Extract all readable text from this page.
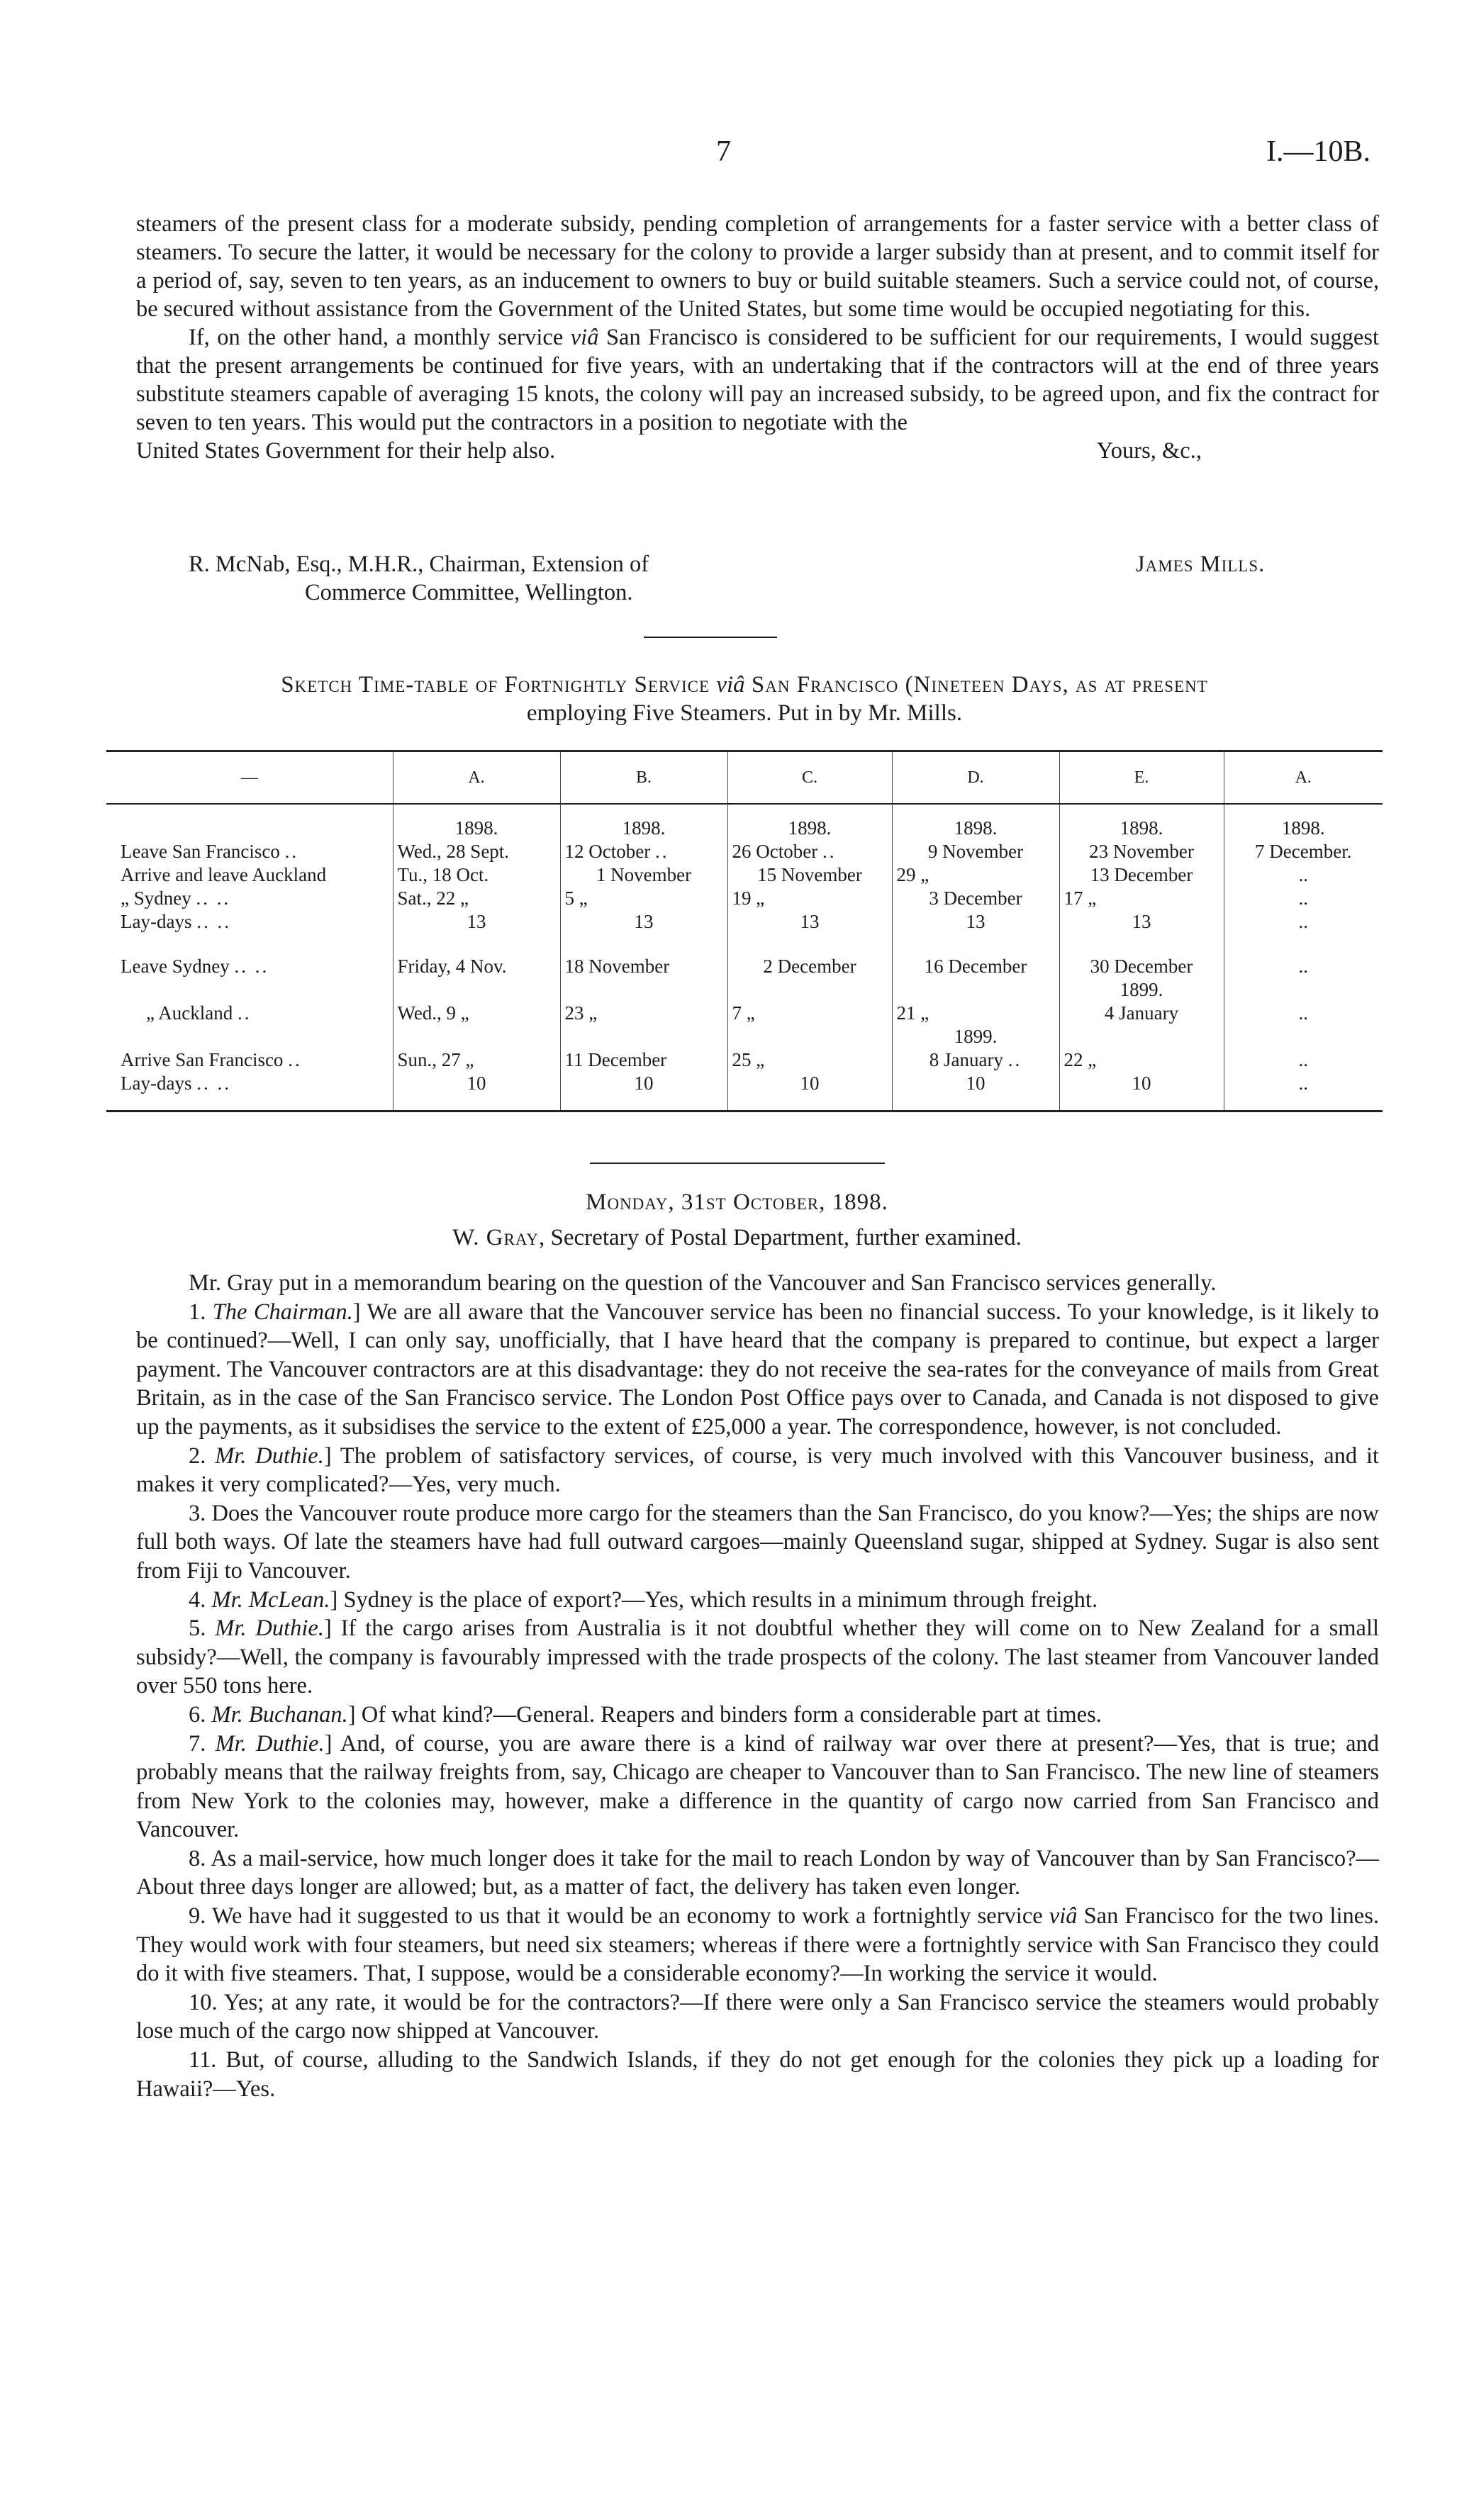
7	I.—10B.

steamers of the present class for a moderate subsidy, pending completion of arrangements for a faster service with a better class of steamers. To secure the latter, it would be necessary for the colony to provide a larger subsidy than at present, and to commit itself for a period of, say, seven to ten years, as an inducement to owners to buy or build suitable steamers. Such a service could not, of course, be secured without assistance from the Government of the United States, but some time would be occupied negotiating for this.

If, on the other hand, a monthly service viâ San Francisco is considered to be sufficient for our requirements, I would suggest that the present arrangements be continued for five years, with an undertaking that if the contractors will at the end of three years substitute steamers capable of averaging 15 knots, the colony will pay an increased subsidy, to be agreed upon, and fix the contract for seven to ten years. This would put the contractors in a position to negotiate with the

United States Government for their help also.	Yours, &c.,
R. McNab, Esq., M.H.R., Chairman, Extension of	James Mills.
Commerce Committee, Wellington.
Sketch Time-table of Fortnightly Service viâ San Francisco (Nineteen Days, as at present
employing Five Steamers. Put in by Mr. Mills.
—	A.	B.	C.	D.	E.	A.

	1898.	1898.	1898.	1898.	1898.	1898.
Leave San Francisco ..	Wed., 28 Sept.	12 October ..	26 October ..	9 November	23 November	7 December.
Arrive and leave Auckland	Tu., 18 Oct.	1 November	15 November	29 „	13 December	..
„ Sydney .. ..	Sat., 22 „	5 „	19 „	3 December	17 „	..
Lay-days .. ..	13	13	13	13	13	..

Leave Sydney .. ..	Friday, 4 Nov.	18 November	2 December	16 December	30 December	..
					1899.	
„ Auckland ..	Wed., 9 „	23 „	7 „	21 „	4 January	..
				1899.		
Arrive San Francisco ..	Sun., 27 „	11 December	25 „	8 January ..	22 „	..
Lay-days .. ..	10	10	10	10	10	..

Monday, 31st October, 1898.
W. Gray, Secretary of Postal Department, further examined.

Mr. Gray put in a memorandum bearing on the question of the Vancouver and San Francisco services generally.

1. The Chairman.] We are all aware that the Vancouver service has been no financial success. To your knowledge, is it likely to be continued?—Well, I can only say, unofficially, that I have heard that the company is prepared to continue, but expect a larger payment. The Vancouver contractors are at this disadvantage: they do not receive the sea-rates for the conveyance of mails from Great Britain, as in the case of the San Francisco service. The London Post Office pays over to Canada, and Canada is not disposed to give up the payments, as it subsidises the service to the extent of £25,000 a year. The correspondence, however, is not concluded.

2. Mr. Duthie.] The problem of satisfactory services, of course, is very much involved with this Vancouver business, and it makes it very complicated?—Yes, very much.

3. Does the Vancouver route produce more cargo for the steamers than the San Francisco, do you know?—Yes; the ships are now full both ways. Of late the steamers have had full outward cargoes—mainly Queensland sugar, shipped at Sydney. Sugar is also sent from Fiji to Vancouver.

4. Mr. McLean.] Sydney is the place of export?—Yes, which results in a minimum through freight.

5. Mr. Duthie.] If the cargo arises from Australia is it not doubtful whether they will come on to New Zealand for a small subsidy?—Well, the company is favourably impressed with the trade prospects of the colony. The last steamer from Vancouver landed over 550 tons here.

6. Mr. Buchanan.] Of what kind?—General. Reapers and binders form a considerable part at times.

7. Mr. Duthie.] And, of course, you are aware there is a kind of railway war over there at present?—Yes, that is true; and probably means that the railway freights from, say, Chicago are cheaper to Vancouver than to San Francisco. The new line of steamers from New York to the colonies may, however, make a difference in the quantity of cargo now carried from San Francisco and Vancouver.

8. As a mail-service, how much longer does it take for the mail to reach London by way of Vancouver than by San Francisco?—About three days longer are allowed; but, as a matter of fact, the delivery has taken even longer.

9. We have had it suggested to us that it would be an economy to work a fortnightly service viâ San Francisco for the two lines. They would work with four steamers, but need six steamers; whereas if there were a fortnightly service with San Francisco they could do it with five steamers. That, I suppose, would be a considerable economy?—In working the service it would.

10. Yes; at any rate, it would be for the contractors?—If there were only a San Francisco service the steamers would probably lose much of the cargo now shipped at Vancouver.

11. But, of course, alluding to the Sandwich Islands, if they do not get enough for the colonies they pick up a loading for Hawaii?—Yes.
